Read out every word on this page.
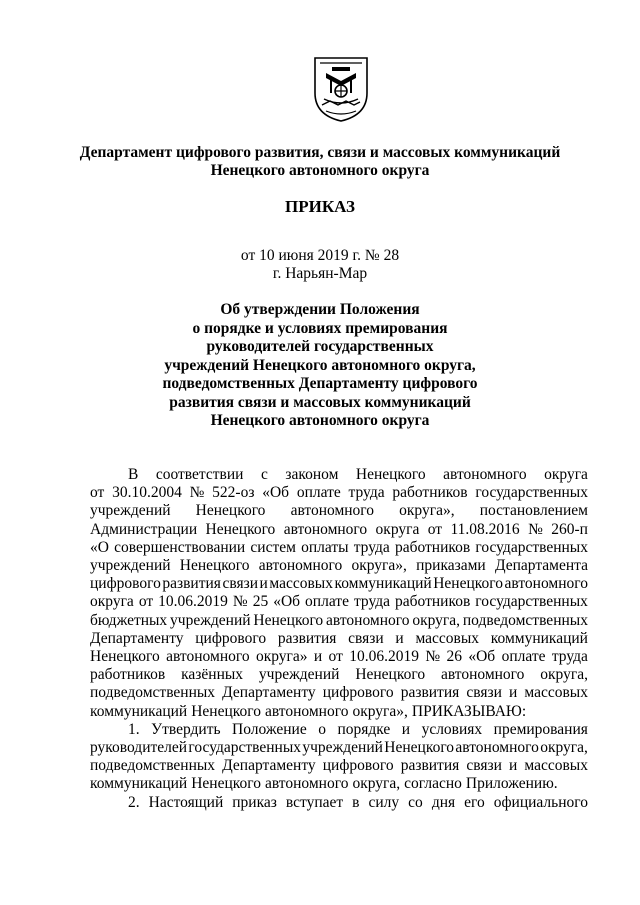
Департамент цифрового развития, связи и массовых коммуникаций
Ненецкого автономного округа
ПРИКАЗ
от 10 июня 2019 г. № 28
г. Нарьян-Мар
Об утверждении Положения
о порядке и условиях премирования
руководителей государственных
учреждений Ненецкого автономного округа,
подведомственных Департаменту цифрового
развития связи и массовых коммуникаций
Ненецкого автономного округа
В соответствии с законом Ненецкого автономного округа
от 30.10.2004 № 522-оз «Об оплате труда работников государственных
учреждений Ненецкого автономного округа», постановлением
Администрации Ненецкого автономного округа от 11.08.2016 № 260-п
«О совершенствовании систем оплаты труда работников государственных
учреждений Ненецкого автономного округа», приказами Департамента
цифрового развития связи и массовых коммуникаций Ненецкого автономного
округа от 10.06.2019 № 25 «Об оплате труда работников государственных
бюджетных учреждений Ненецкого автономного округа, подведомственных
Департаменту цифрового развития связи и массовых коммуникаций
Ненецкого автономного округа» и от 10.06.2019 № 26 «Об оплате труда
работников казённых учреждений Ненецкого автономного округа,
подведомственных Департаменту цифрового развития связи и массовых
коммуникаций Ненецкого автономного округа», ПРИКАЗЫВАЮ:
1. Утвердить Положение о порядке и условиях премирования
руководителей государственных учреждений Ненецкого автономного округа,
подведомственных Департаменту цифрового развития связи и массовых
коммуникаций Ненецкого автономного округа, согласно Приложению.
2. Настоящий приказ вступает в силу со дня его официального
